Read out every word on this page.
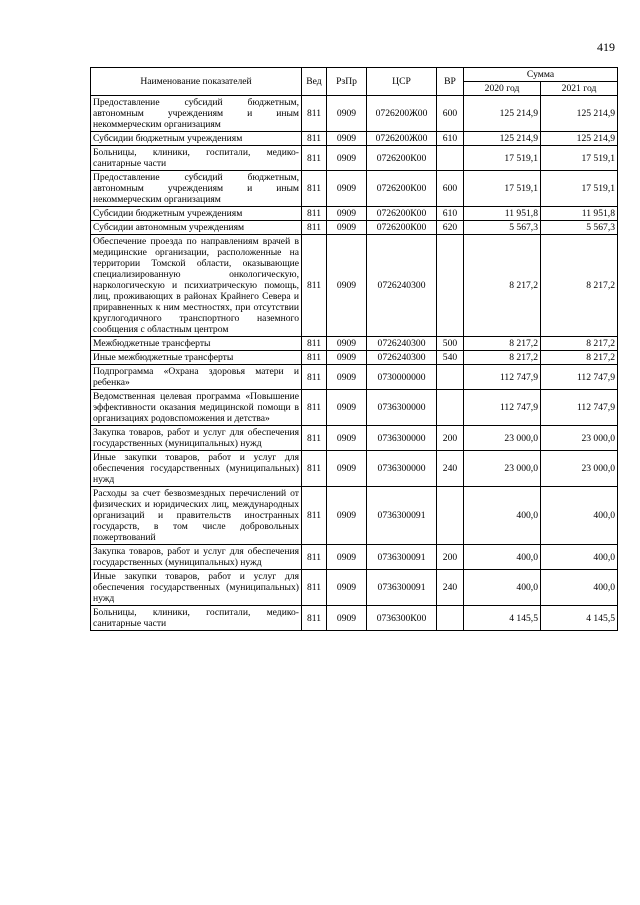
419
Наименование показателей	Вед	РзПр	ЦСР	ВР	Сумма	
					2020 год	2021 год
Предоставление субсидий бюджетным, автономным учреждениям и иным некоммерческим организациям	811	0909	0726200Ж00	600	125 214,9	125 214,9
Субсидии бюджетным учреждениям	811	0909	0726200Ж00	610	125 214,9	125 214,9
Больницы, клиники, госпитали, медико-санитарные части	811	0909	0726200К00		17 519,1	17 519,1
Предоставление субсидий бюджетным, автономным учреждениям и иным некоммерческим организациям	811	0909	0726200К00	600	17 519,1	17 519,1
Субсидии бюджетным учреждениям	811	0909	0726200К00	610	11 951,8	11 951,8
Субсидии автономным учреждениям	811	0909	0726200К00	620	5 567,3	5 567,3
Обеспечение проезда по направлениям врачей в медицинские организации, расположенные на территории Томской области, оказывающие специализированную онкологическую, наркологическую и психиатрическую помощь, лиц, проживающих в районах Крайнего Севера и приравненных к ним местностях, при отсутствии круглогодичного транспортного наземного сообщения с областным центром	811	0909	0726240300		8 217,2	8 217,2
Межбюджетные трансферты	811	0909	0726240300	500	8 217,2	8 217,2
Иные межбюджетные трансферты	811	0909	0726240300	540	8 217,2	8 217,2
Подпрограмма «Охрана здоровья матери и ребенка»	811	0909	0730000000		112 747,9	112 747,9
Ведомственная целевая программа «Повышение эффективности оказания медицинской помощи в организациях родовспоможения и детства»	811	0909	0736300000		112 747,9	112 747,9
Закупка товаров, работ и услуг для обеспечения государственных (муниципальных) нужд	811	0909	0736300000	200	23 000,0	23 000,0
Иные закупки товаров, работ и услуг для обеспечения государственных (муниципальных) нужд	811	0909	0736300000	240	23 000,0	23 000,0
Расходы за счет безвозмездных перечислений от физических и юридических лиц, международных организаций и правительств иностранных государств, в том числе добровольных пожертвований	811	0909	0736300091		400,0	400,0
Закупка товаров, работ и услуг для обеспечения государственных (муниципальных) нужд	811	0909	0736300091	200	400,0	400,0
Иные закупки товаров, работ и услуг для обеспечения государственных (муниципальных) нужд	811	0909	0736300091	240	400,0	400,0
Больницы, клиники, госпитали, медико-санитарные части	811	0909	0736300К00		4 145,5	4 145,5
